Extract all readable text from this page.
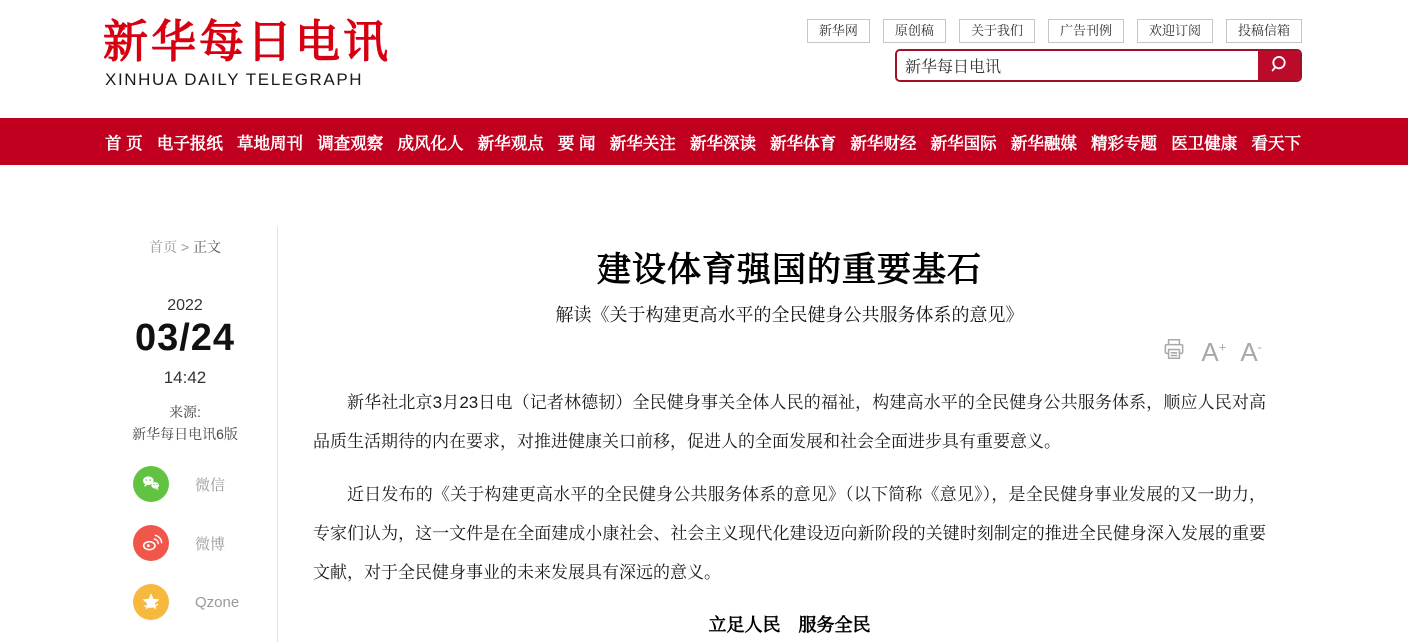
新华每日电讯
XINHUA DAILY TELEGRAPH
新华网	原创稿	关于我们	广告刊例	欢迎订阅	投稿信箱
新华每日电讯
首 页 电子报纸 草地周刊 调查观察 成风化人 新华观点 要 闻 新华关注 新华深读 新华体育 新华财经 新华国际 新华融媒 精彩专题 医卫健康 看天下
首页 > 正文
2022
03/24
14:42
来源:
新华每日电讯6版
微信
微博
Qzone
建设体育强国的重要基石
解读《关于构建更高水平的全民健身公共服务体系的意见》
A+ A-

新华社北京3月23日电（记者林德韧）全民健身事关全体人民的福祉，构建高水平的全民健身公共服务体系，顺应人民对高品质生活期待的内在要求，对推进健康关口前移，促进人的全面发展和社会全面进步具有重要意义。

近日发布的《关于构建更高水平的全民健身公共服务体系的意见》（以下简称《意见》），是全民健身事业发展的又一助力，专家们认为，这一文件是在全面建成小康社会、社会主义现代化建设迈向新阶段的关键时刻制定的推进全民健身深入发展的重要文献，对于全民健身事业的未来发展具有深远的意义。

立足人民　服务全民
